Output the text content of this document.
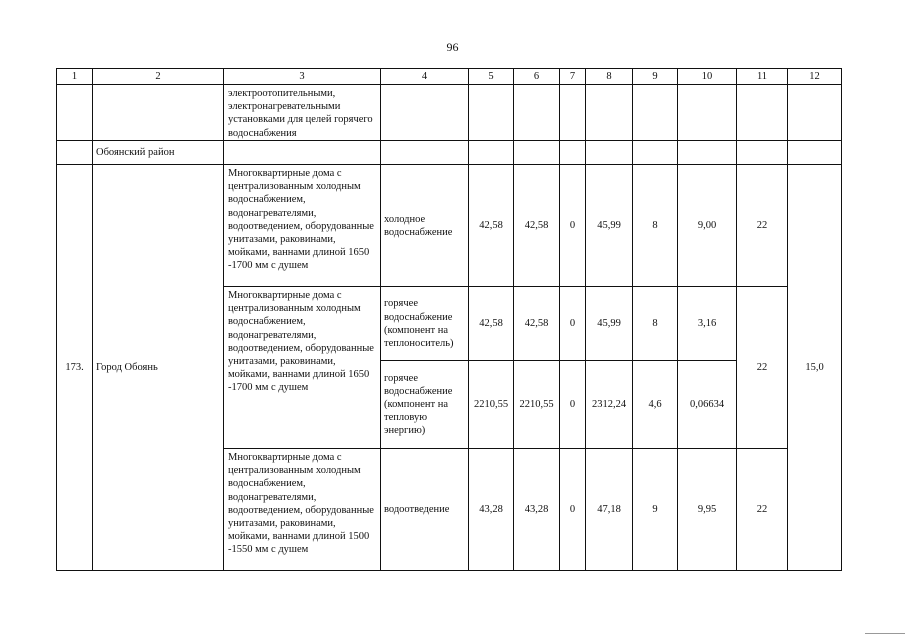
96
1	2	3	4	5	6	7	8	9	10	11	12
		электроотопительными, электронагревательными установками для целей горячего водоснабжения									
	Обоянский район										
173.	Город Обоянь	Многоквартирные дома с централизованным холодным водоснабжением, водонагревателями, водоотведением, оборудованные унитазами, раковинами, мойками, ваннами длиной 1650 -1700 мм с душем	холодное водоснабжение	42,58	42,58	0	45,99	8	9,00	22	15,0
		Многоквартирные дома с централизованным холодным водоснабжением, водонагревателями, водоотведением, оборудованные унитазами, раковинами, мойками, ваннами длиной 1650 -1700 мм с душем	горячее водоснабжение (компонент на теплоноситель)	42,58	42,58	0	45,99	8	3,16	22	
			горячее водоснабжение (компонент на тепловую энергию)	2210,55	2210,55	0	2312,24	4,6	0,06634		
		Многоквартирные дома с централизованным холодным водоснабжением, водонагревателями, водоотведением, оборудованные унитазами, раковинами, мойками, ваннами длиной 1500 -1550 мм с душем	водоотведение	43,28	43,28	0	47,18	9	9,95	22	
